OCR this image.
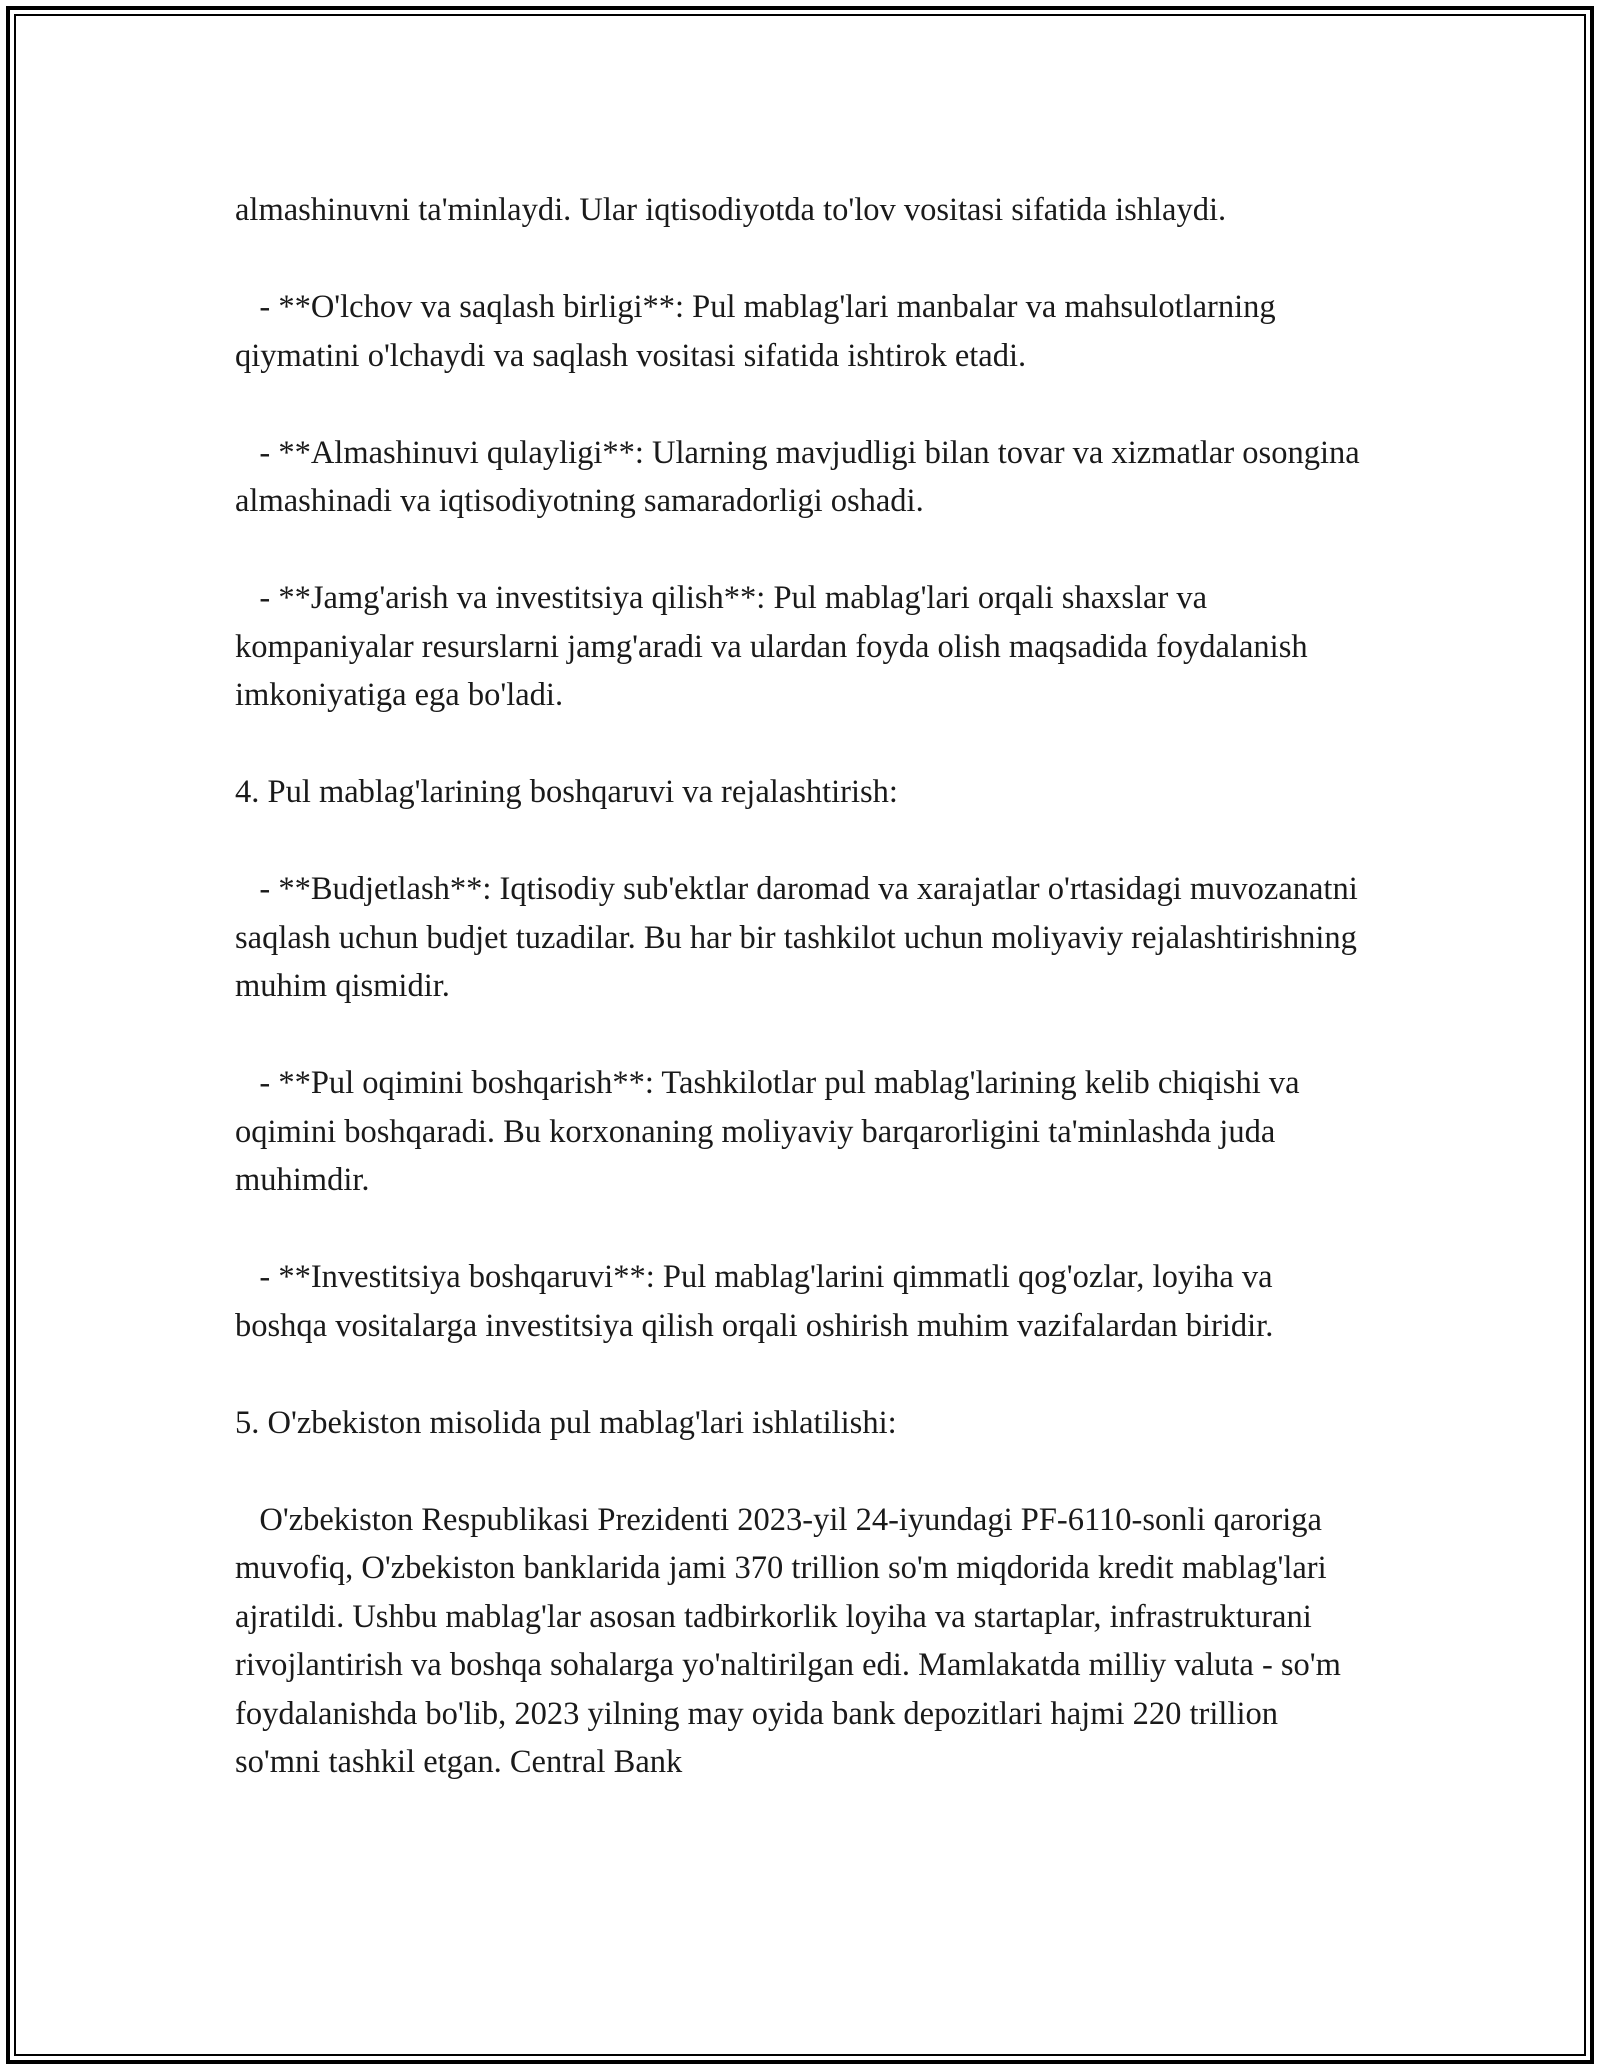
almashinuvni ta'minlaydi. Ular iqtisodiyotda to'lov vositasi sifatida ishlaydi.

- **O'lchov va saqlash birligi**: Pul mablag'lari manbalar va mahsulotlarning qiymatini o'lchaydi va saqlash vositasi sifatida ishtirok etadi.

- **Almashinuvi qulayligi**: Ularning mavjudligi bilan tovar va xizmatlar osongina almashinadi va iqtisodiyotning samaradorligi oshadi.

- **Jamg'arish va investitsiya qilish**: Pul mablag'lari orqali shaxslar va kompaniyalar resurslarni jamg'aradi va ulardan foyda olish maqsadida foydalanish imkoniyatiga ega bo'ladi.

4. Pul mablag'larining boshqaruvi va rejalashtirish:

- **Budjetlash**: Iqtisodiy sub'ektlar daromad va xarajatlar o'rtasidagi muvozanatni saqlash uchun budjet tuzadilar. Bu har bir tashkilot uchun moliyaviy rejalashtirishning muhim qismidir.

- **Pul oqimini boshqarish**: Tashkilotlar pul mablag'larining kelib chiqishi va oqimini boshqaradi. Bu korxonaning moliyaviy barqarorligini ta'minlashda juda muhimdir.

- **Investitsiya boshqaruvi**: Pul mablag'larini qimmatli qog'ozlar, loyiha va boshqa vositalarga investitsiya qilish orqali oshirish muhim vazifalardan biridir.

5. O'zbekiston misolida pul mablag'lari ishlatilishi:

O'zbekiston Respublikasi Prezidenti 2023-yil 24-iyundagi PF-6110-sonli qaroriga muvofiq, O'zbekiston banklarida jami 370 trillion so'm miqdorida kredit mablag'lari ajratildi. Ushbu mablag'lar asosan tadbirkorlik loyiha va startaplar, infrastrukturani rivojlantirish va boshqa sohalarga yo'naltirilgan edi. Mamlakatda milliy valuta - so'm foydalanishda bo'lib, 2023 yilning may oyida bank depozitlari hajmi 220 trillion so'mni tashkil etgan. Central Bank
